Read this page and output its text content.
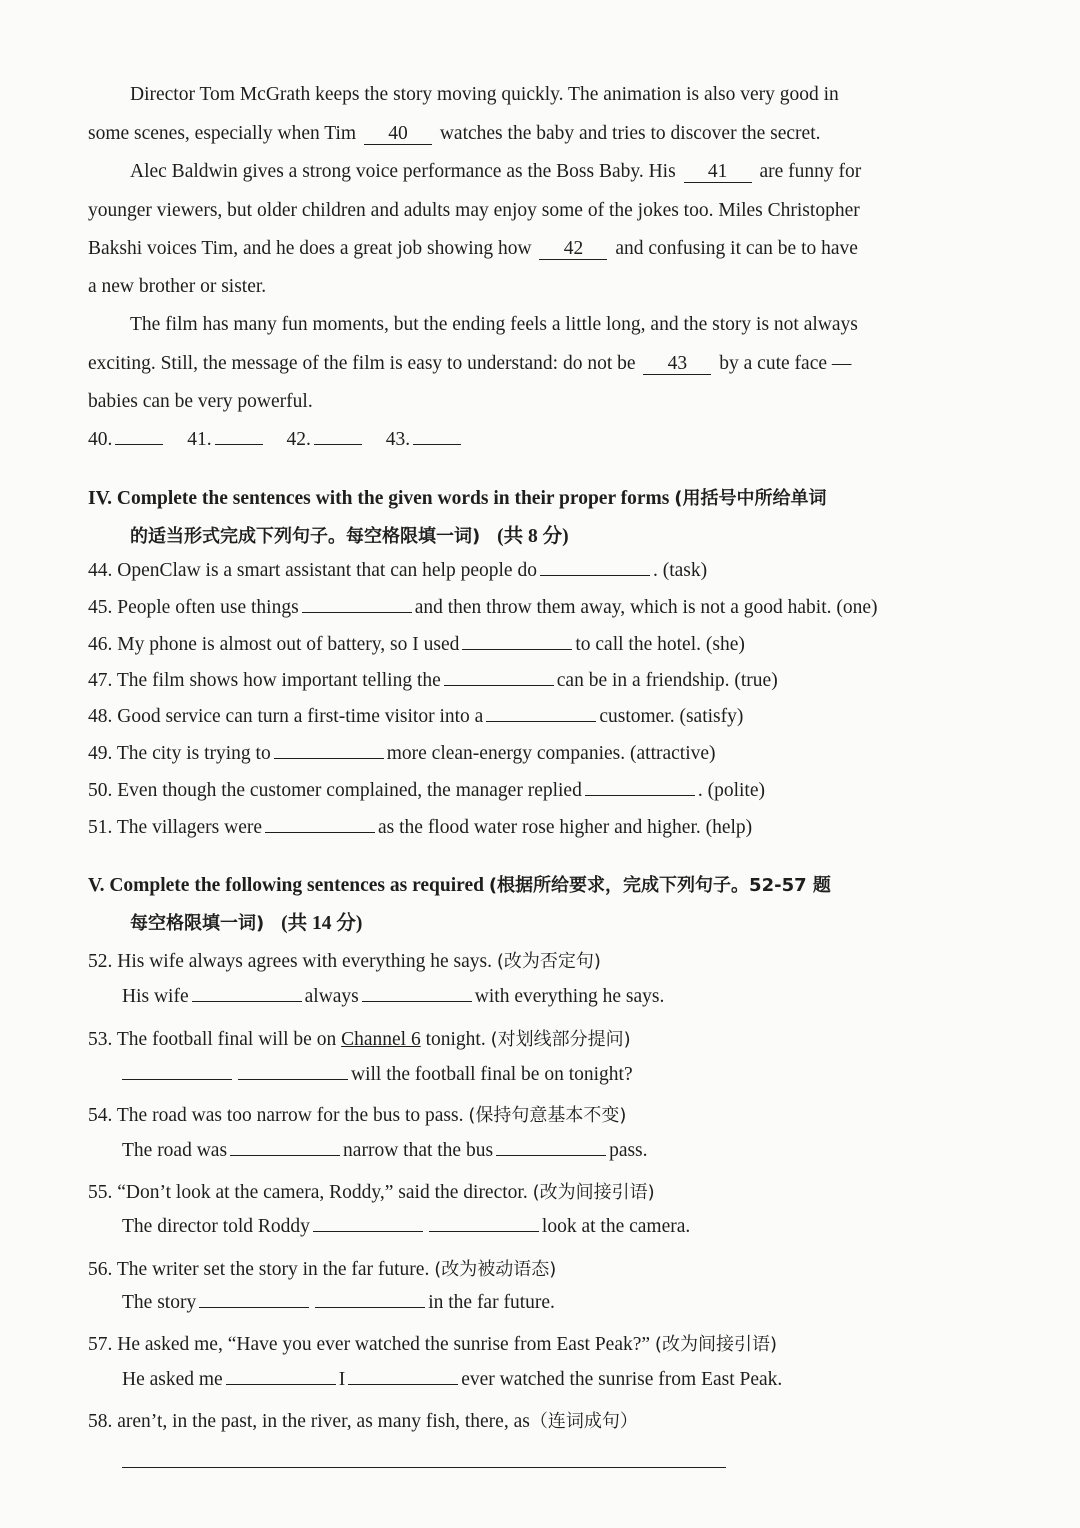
Director Tom McGrath keeps the story moving quickly. The animation is also very good in
some scenes, especially when Tim 40 watches the baby and tries to discover the secret.
Alec Baldwin gives a strong voice performance as the Boss Baby. His 41 are funny for
younger viewers, but older children and adults may enjoy some of the jokes too. Miles Christopher
Bakshi voices Tim, and he does a great job showing how 42 and confusing it can be to have
a new brother or sister.
The film has many fun moments, but the ending feels a little long, and the story is not always
exciting. Still, the message of the film is easy to understand: do not be 43 by a cute face —
babies can be very powerful.
40.	41.	42.	43.
IV. Complete the sentences with the given words in their proper forms (用括号中所给单词
的适当形式完成下列句子。每空格限填一词) (共 8 分)
44. OpenClaw is a smart assistant that can help people do	. (task)
45. People often use things	and then throw them away, which is not a good habit. (one)
46. My phone is almost out of battery, so I used	to call the hotel. (she)
47. The film shows how important telling the	can be in a friendship. (true)
48. Good service can turn a first-time visitor into a	customer. (satisfy)
49. The city is trying to	more clean-energy companies. (attractive)
50. Even though the customer complained, the manager replied	. (polite)
51. The villagers were	as the flood water rose higher and higher. (help)
V. Complete the following sentences as required (根据所给要求，完成下列句子。52-57 题
每空格限填一词) (共 14 分)
52. His wife always agrees with everything he says. (改为否定句)
His wife	always	with everything he says.
53. The football final will be on Channel 6 tonight. (对划线部分提问)
will the football final be on tonight?
54. The road was too narrow for the bus to pass. (保持句意基本不变)
The road was	narrow that the bus	pass.
55. “Don’t look at the camera, Roddy,” said the director. (改为间接引语)
The director told Roddy	look at the camera.
56. The writer set the story in the far future. (改为被动语态)
The story	in the far future.
57. He asked me, “Have you ever watched the sunrise from East Peak?” (改为间接引语)
He asked me	I	ever watched the sunrise from East Peak.
58. aren’t, in the past, in the river, as many fish, there, as（连词成句）
